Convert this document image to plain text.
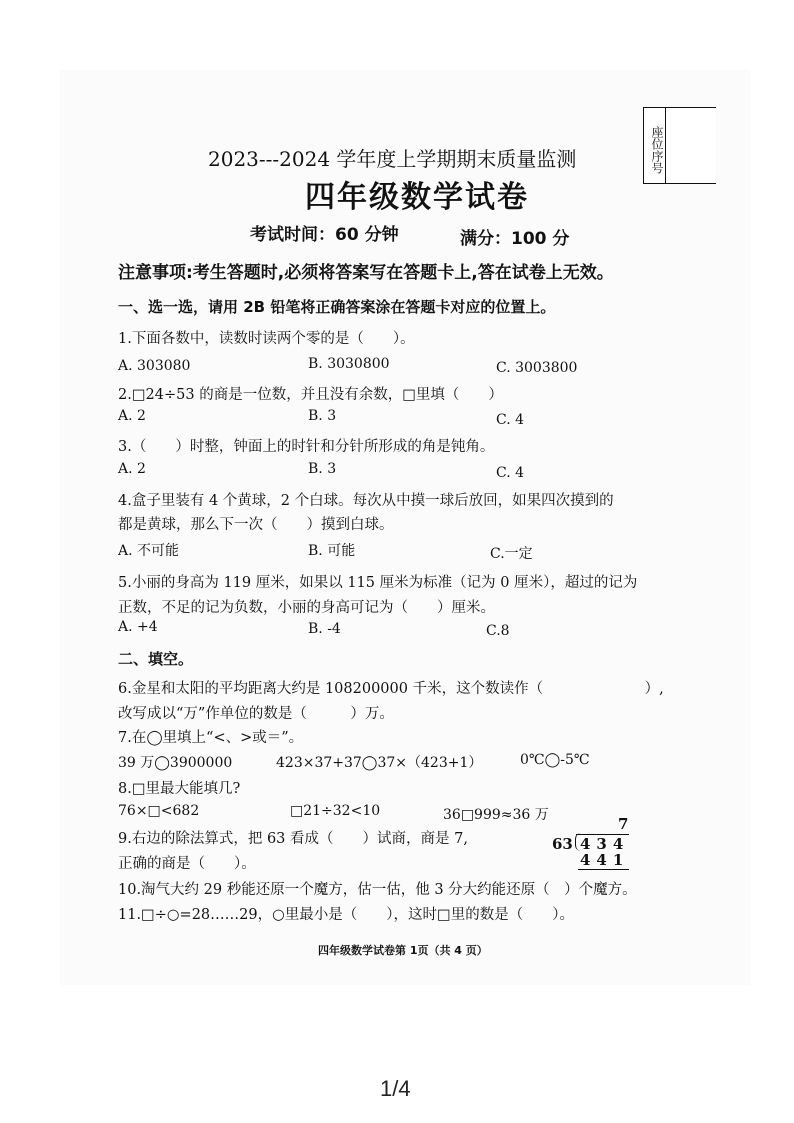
座位序号
2023---2024 学年度上学期期末质量监测
四年级数学试卷
考试时间：60 分钟	满分：100 分
注意事项:考生答题时,必须将答案写在答题卡上,答在试卷上无效。
一、选一选，请用 2B 铅笔将正确答案涂在答题卡对应的位置上。
1.下面各数中，读数时读两个零的是（　　）。
A. 303080	B. 3030800	C. 3003800
2.□24÷53 的商是一位数，并且没有余数，□里填（　　）
A. 2	B. 3	C. 4
3.（　　）时整，钟面上的时针和分针所形成的角是钝角。
A. 2	B. 3	C. 4
4.盒子里装有 4 个黄球，2 个白球。每次从中摸一球后放回，如果四次摸到的
都是黄球，那么下一次（　　）摸到白球。
A. 不可能	B. 可能	C.一定
5.小丽的身高为 119 厘米，如果以 115 厘米为标准（记为 0 厘米），超过的记为
正数，不足的记为负数，小丽的身高可记为（　　）厘米。
A. +4	B. -4	C.8
二、填空。
6.金星和太阳的平均距离大约是 108200000 千米，这个数读作（　　　　　　　）,
改写成以“万”作单位的数是（　　　）万。
7.在◯里填上“<、>或＝”。
39 万◯3900000	423×37+37◯37×（423+1）	0℃◯-5℃
8.□里最大能填几?
76×□<682	□21÷32<10	36□999≈36 万
9.右边的除法算式，把 63 看成（　　）试商，商是 7,
正确的商是（　　）。
7
63 434
441
10.淘气大约 29 秒能还原一个魔方，估一估，他 3 分大约能还原（　）个魔方。
11.□÷○=28……29，○里最小是（　　），这时□里的数是（　　）。
四年级数学试卷第 1页（共 4 页）
1/4
